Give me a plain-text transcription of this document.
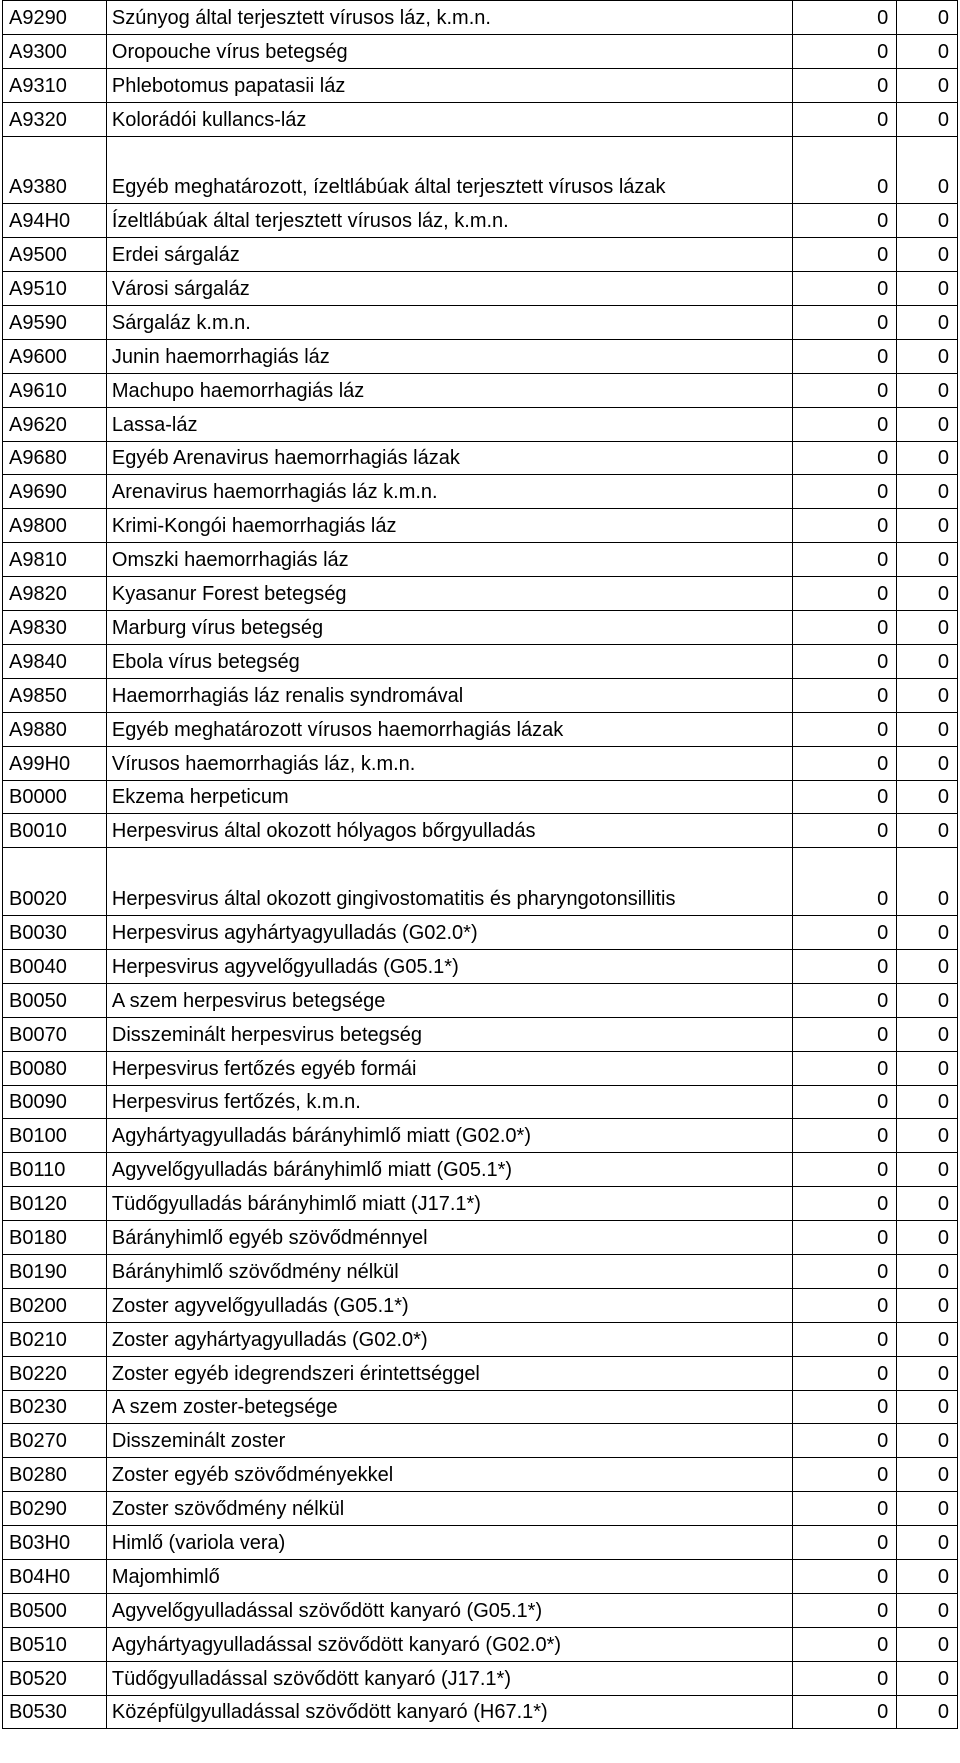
A9290	Szúnyog által terjesztett vírusos láz, k.m.n.	0	0
A9300	Oropouche vírus betegség	0	0
A9310	Phlebotomus papatasii láz	0	0
A9320	Kolorádói kullancs-láz	0	0
A9380	Egyéb meghatározott, ízeltlábúak által terjesztett vírusos lázak	0	0
A94H0	Ízeltlábúak által terjesztett vírusos láz, k.m.n.	0	0
A9500	Erdei sárgaláz	0	0
A9510	Városi sárgaláz	0	0
A9590	Sárgaláz k.m.n.	0	0
A9600	Junin haemorrhagiás láz	0	0
A9610	Machupo haemorrhagiás láz	0	0
A9620	Lassa-láz	0	0
A9680	Egyéb Arenavirus haemorrhagiás lázak	0	0
A9690	Arenavirus haemorrhagiás láz k.m.n.	0	0
A9800	Krimi-Kongói haemorrhagiás láz	0	0
A9810	Omszki haemorrhagiás láz	0	0
A9820	Kyasanur Forest betegség	0	0
A9830	Marburg vírus betegség	0	0
A9840	Ebola vírus betegség	0	0
A9850	Haemorrhagiás láz renalis syndromával	0	0
A9880	Egyéb meghatározott vírusos haemorrhagiás lázak	0	0
A99H0	Vírusos haemorrhagiás láz, k.m.n.	0	0
B0000	Ekzema herpeticum	0	0
B0010	Herpesvirus által okozott hólyagos bőrgyulladás	0	0
B0020	Herpesvirus által okozott gingivostomatitis és pharyngotonsillitis	0	0
B0030	Herpesvirus agyhártyagyulladás (G02.0*)	0	0
B0040	Herpesvirus agyvelőgyulladás (G05.1*)	0	0
B0050	A szem herpesvirus betegsége	0	0
B0070	Disszeminált herpesvirus betegség	0	0
B0080	Herpesvirus fertőzés egyéb formái	0	0
B0090	Herpesvirus fertőzés, k.m.n.	0	0
B0100	Agyhártyagyulladás bárányhimlő miatt (G02.0*)	0	0
B0110	Agyvelőgyulladás bárányhimlő miatt (G05.1*)	0	0
B0120	Tüdőgyulladás bárányhimlő miatt (J17.1*)	0	0
B0180	Bárányhimlő egyéb szövődménnyel	0	0
B0190	Bárányhimlő szövődmény nélkül	0	0
B0200	Zoster agyvelőgyulladás (G05.1*)	0	0
B0210	Zoster agyhártyagyulladás (G02.0*)	0	0
B0220	Zoster egyéb idegrendszeri érintettséggel	0	0
B0230	A szem zoster-betegsége	0	0
B0270	Disszeminált zoster	0	0
B0280	Zoster egyéb szövődményekkel	0	0
B0290	Zoster szövődmény nélkül	0	0
B03H0	Himlő (variola vera)	0	0
B04H0	Majomhimlő	0	0
B0500	Agyvelőgyulladással szövődött kanyaró (G05.1*)	0	0
B0510	Agyhártyagyulladással szövődött kanyaró (G02.0*)	0	0
B0520	Tüdőgyulladással szövődött kanyaró (J17.1*)	0	0
B0530	Középfülgyulladással szövődött kanyaró (H67.1*)	0	0
